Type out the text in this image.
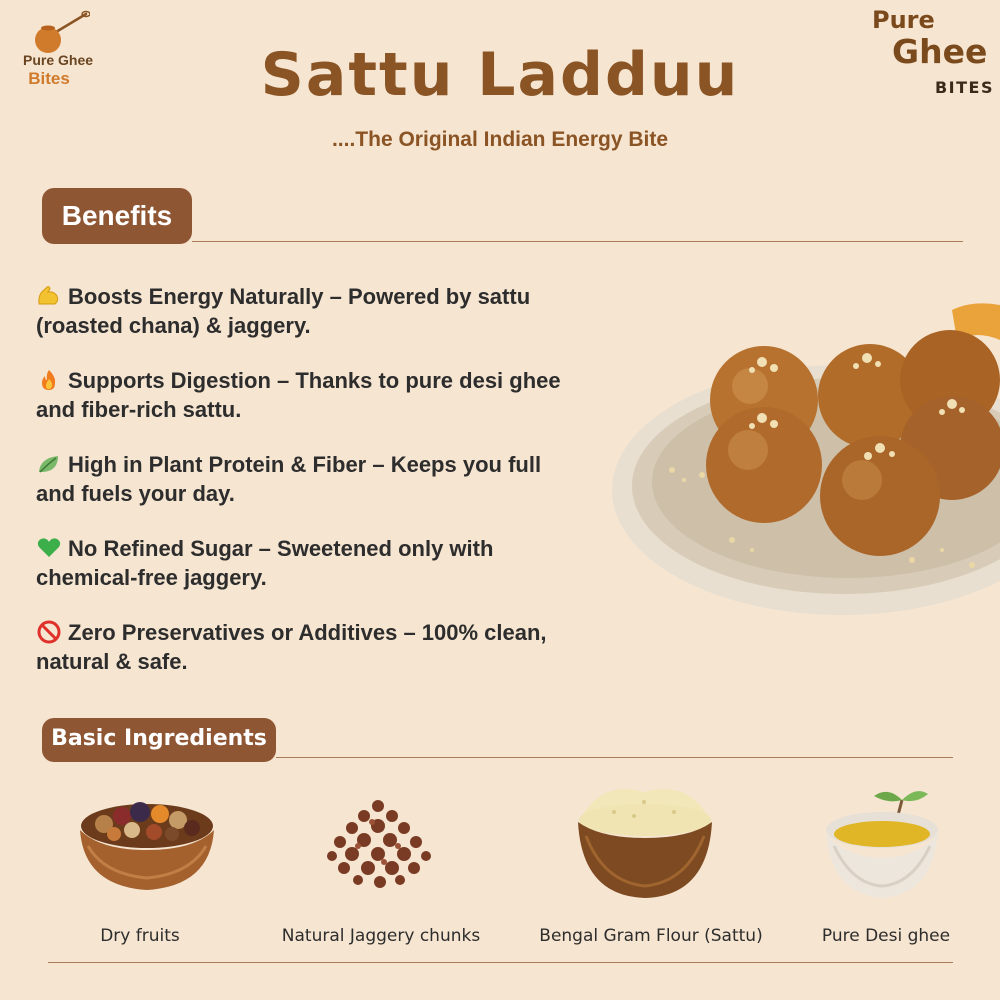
Pure Ghee
Bites
Pure
Ghee
BITES
Sattu Ladduu
....The Original Indian Energy Bite
Benefits
Boosts Energy Naturally – Powered by sattu
(roasted chana) & jaggery.
Supports Digestion – Thanks to pure desi ghee
and fiber-rich sattu.
High in Plant Protein & Fiber – Keeps you full
and fuels your day.
No Refined Sugar – Sweetened only with
chemical-free jaggery.
Zero Preservatives or Additives – 100% clean,
natural & safe.
Basic Ingredients
Dry fruits	Natural Jaggery chunks	Bengal Gram Flour (Sattu)	Pure Desi ghee
